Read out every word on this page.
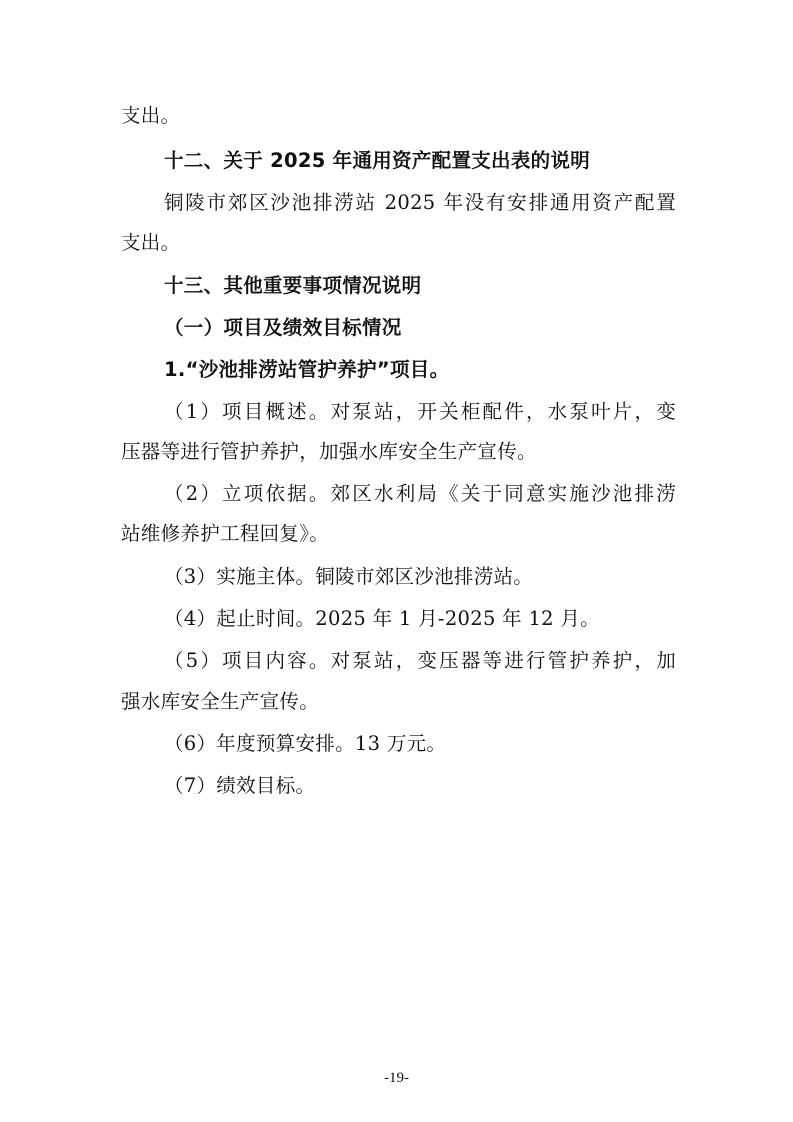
支出。
十二、关于 2025 年通用资产配置支出表的说明
铜陵市郊区沙池排涝站 2025 年没有安排通用资产配置
支出。
十三、其他重要事项情况说明
（一）项目及绩效目标情况
1.“沙池排涝站管护养护”项目。
（1）项目概述。对泵站，开关柜配件，水泵叶片，变
压器等进行管护养护，加强水库安全生产宣传。
（2）立项依据。郊区水利局《关于同意实施沙池排涝
站维修养护工程回复》。
（3）实施主体。铜陵市郊区沙池排涝站。
（4）起止时间。2025 年 1 月-2025 年 12 月。
（5）项目内容。对泵站，变压器等进行管护养护，加
强水库安全生产宣传。
（6）年度预算安排。13 万元。
（7）绩效目标。
-19-
